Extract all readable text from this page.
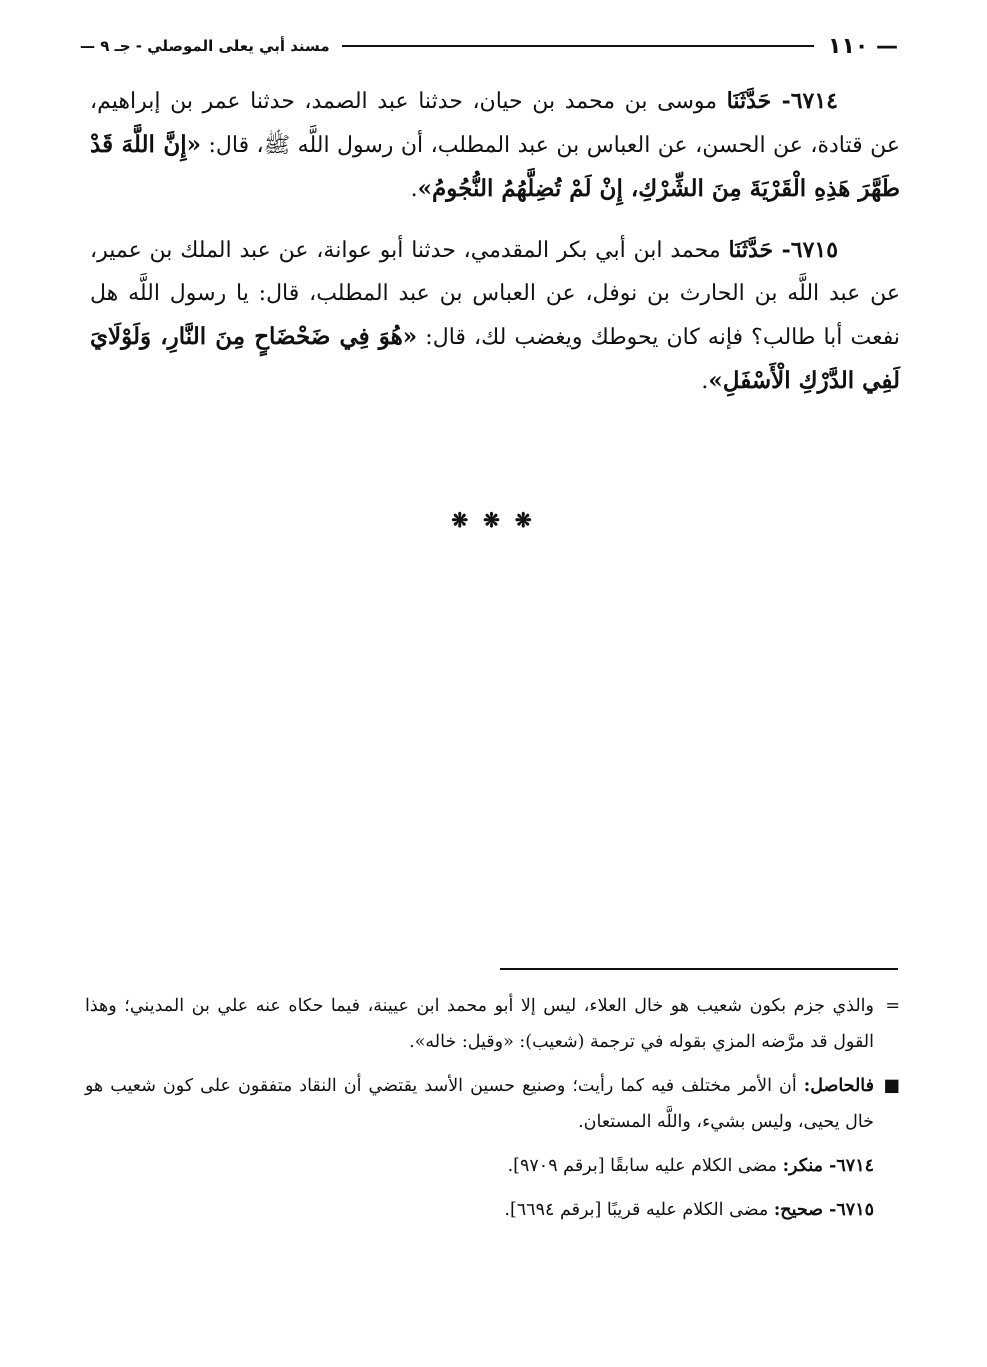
— ١١٠
مسند أبي يعلى الموصلي - جـ ٩ —

٦٧١٤ - حَدَّثَنَا موسى بن محمد بن حيان، حدثنا عبد الصمد، حدثنا عمر بن إبراهيم، عن قتادة، عن الحسن، عن العباس بن عبد المطلب، أن رسول اللَّه ﷺ، قال: «إِنَّ اللَّهَ قَدْ طَهَّرَ هَذِهِ الْقَرْيَةَ مِنَ الشِّرْكِ، إِنْ لَمْ تُضِلَّهُمُ النُّجُومُ».

٦٧١٥ - حَدَّثَنَا محمد ابن أبي بكر المقدمي، حدثنا أبو عوانة، عن عبد الملك بن عمير، عن عبد اللَّه بن الحارث بن نوفل، عن العباس بن عبد المطلب، قال: يا رسول اللَّه هل نفعت أبا طالب؟ فإنه كان يحوطك ويغضب لك، قال: «هُوَ فِي ضَحْضَاحٍ مِنَ النَّارِ، وَلَوْلَايَ لَفِي الدَّرْكِ الْأَسْفَلِ».

❋ ❋ ❋

=
والذي جزم بكون شعيب هو خال العلاء، ليس إلا أبو محمد ابن عيينة، فيما حكاه عنه علي بن المديني؛ وهذا القول قد مرَّضه المزي بقوله في ترجمة (شعيب): «وقيل: خاله».

■
فالحاصل: أن الأمر مختلف فيه كما رأيت؛ وصنيع حسين الأسد يقتضي أن النقاد متفقون على كون شعيب هو خال يحيى، وليس بشيء، واللَّه المستعان.

٦٧١٤ - منكر: مضى الكلام عليه سابقًا [برقم ٩٧٠٩].

٦٧١٥ - صحيح: مضى الكلام عليه قريبًا [برقم ٦٦٩٤].
